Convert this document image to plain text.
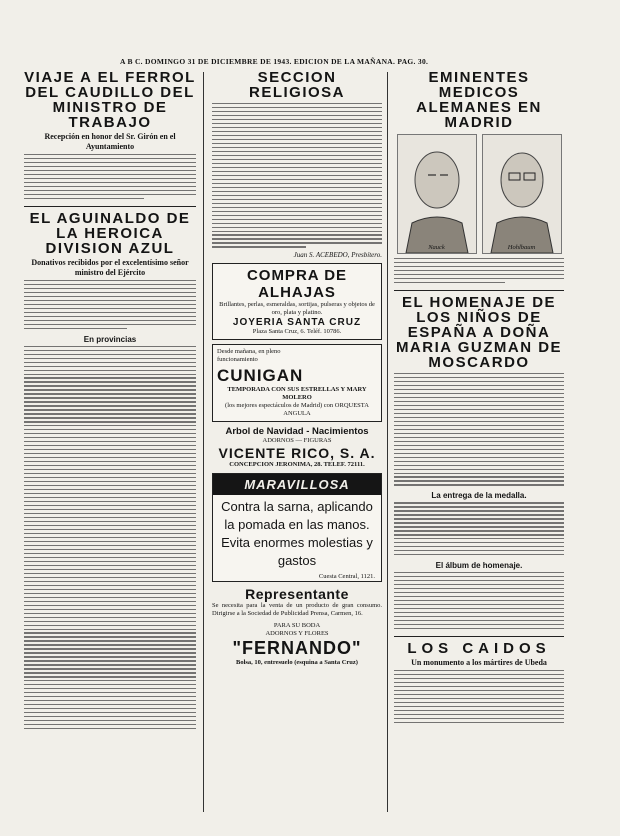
A B C. DOMINGO 31 DE DICIEMBRE DE 1943. EDICION DE LA MAÑANA. PAG. 30.
VIAJE A EL FERROL DEL CAUDILLO DEL MINISTRO DE TRABAJO
Recepción en honor del Sr. Girón en el Ayuntamiento
EL AGUINALDO DE LA HEROICA DIVISION AZUL
Donativos recibidos por el excelentísimo señor ministro del Ejército
En provincias
SECCION RELIGIOSA
Juan S. ACEBEDO, Presbítero.
COMPRA DE ALHAJAS
Brillantes, perlas, esmeraldas, sortijas, pulseras y objetos de oro, plata y platino.
JOYERIA SANTA CRUZ
Plaza Santa Cruz, 6. Teléf. 10786.
Desde mañana, en pleno funcionamiento CUNIGAN
TEMPORADA CON SUS ESTRELLAS Y MARY MOLERO
(los mejores espectáculos de Madrid) con ORQUESTA ANGULA
Arbol de Navidad - Nacimientos
ADORNOS — FIGURAS
VICENTE RICO, S. A.
CONCEPCION JERONIMA, 28. TELEF. 72111.
MARAVILLOSA
Contra la sarna, aplicando la pomada en las manos. Evita enormes molestias y gastos
Cuesta Central, 1121.
Representante
Se necesita para la venta de un producto de gran consumo. Dirigirse a la Sociedad de Publicidad Prensa, Carmen, 16.
PARA SU BODA
ADORNOS Y FLORES
"FERNANDO"
Bolsa, 10, entresuelo (esquina a Santa Cruz)
EMINENTES MEDICOS ALEMANES EN MADRID
Nauck	Hohlbaum
EL HOMENAJE DE LOS NIÑOS DE ESPAÑA A DOÑA MARIA GUZMAN DE MOSCARDO
La entrega de la medalla.
El álbum de homenaje.
LOS CAIDOS
Un monumento a los mártires de Ubeda
